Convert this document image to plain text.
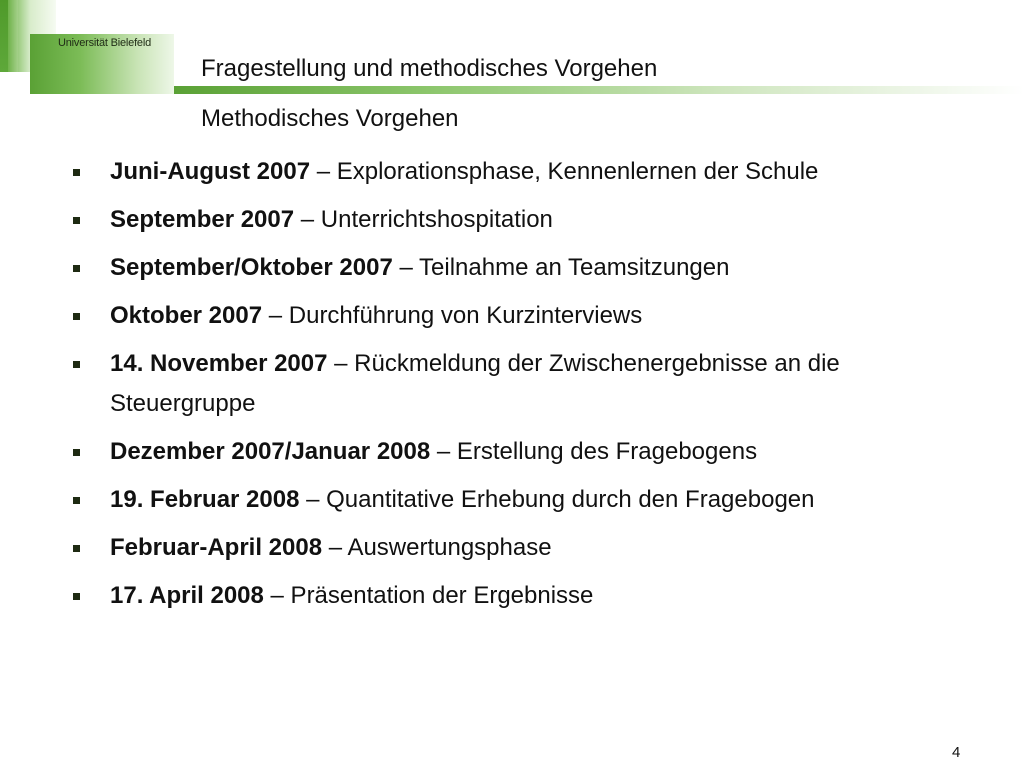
Universität Bielefeld
Fragestellung und methodisches Vorgehen
Methodisches Vorgehen
Juni-August 2007 – Explorationsphase, Kennenlernen der Schule
September 2007 – Unterrichtshospitation
September/Oktober 2007 – Teilnahme an Teamsitzungen
Oktober 2007 – Durchführung von Kurzinterviews
14. November 2007 – Rückmeldung der Zwischenergebnisse an die Steuergruppe
Dezember 2007/Januar 2008 – Erstellung des Fragebogens
19. Februar 2008 – Quantitative Erhebung durch den Fragebogen
Februar-April 2008 – Auswertungsphase
17. April 2008 – Präsentation der Ergebnisse
4
